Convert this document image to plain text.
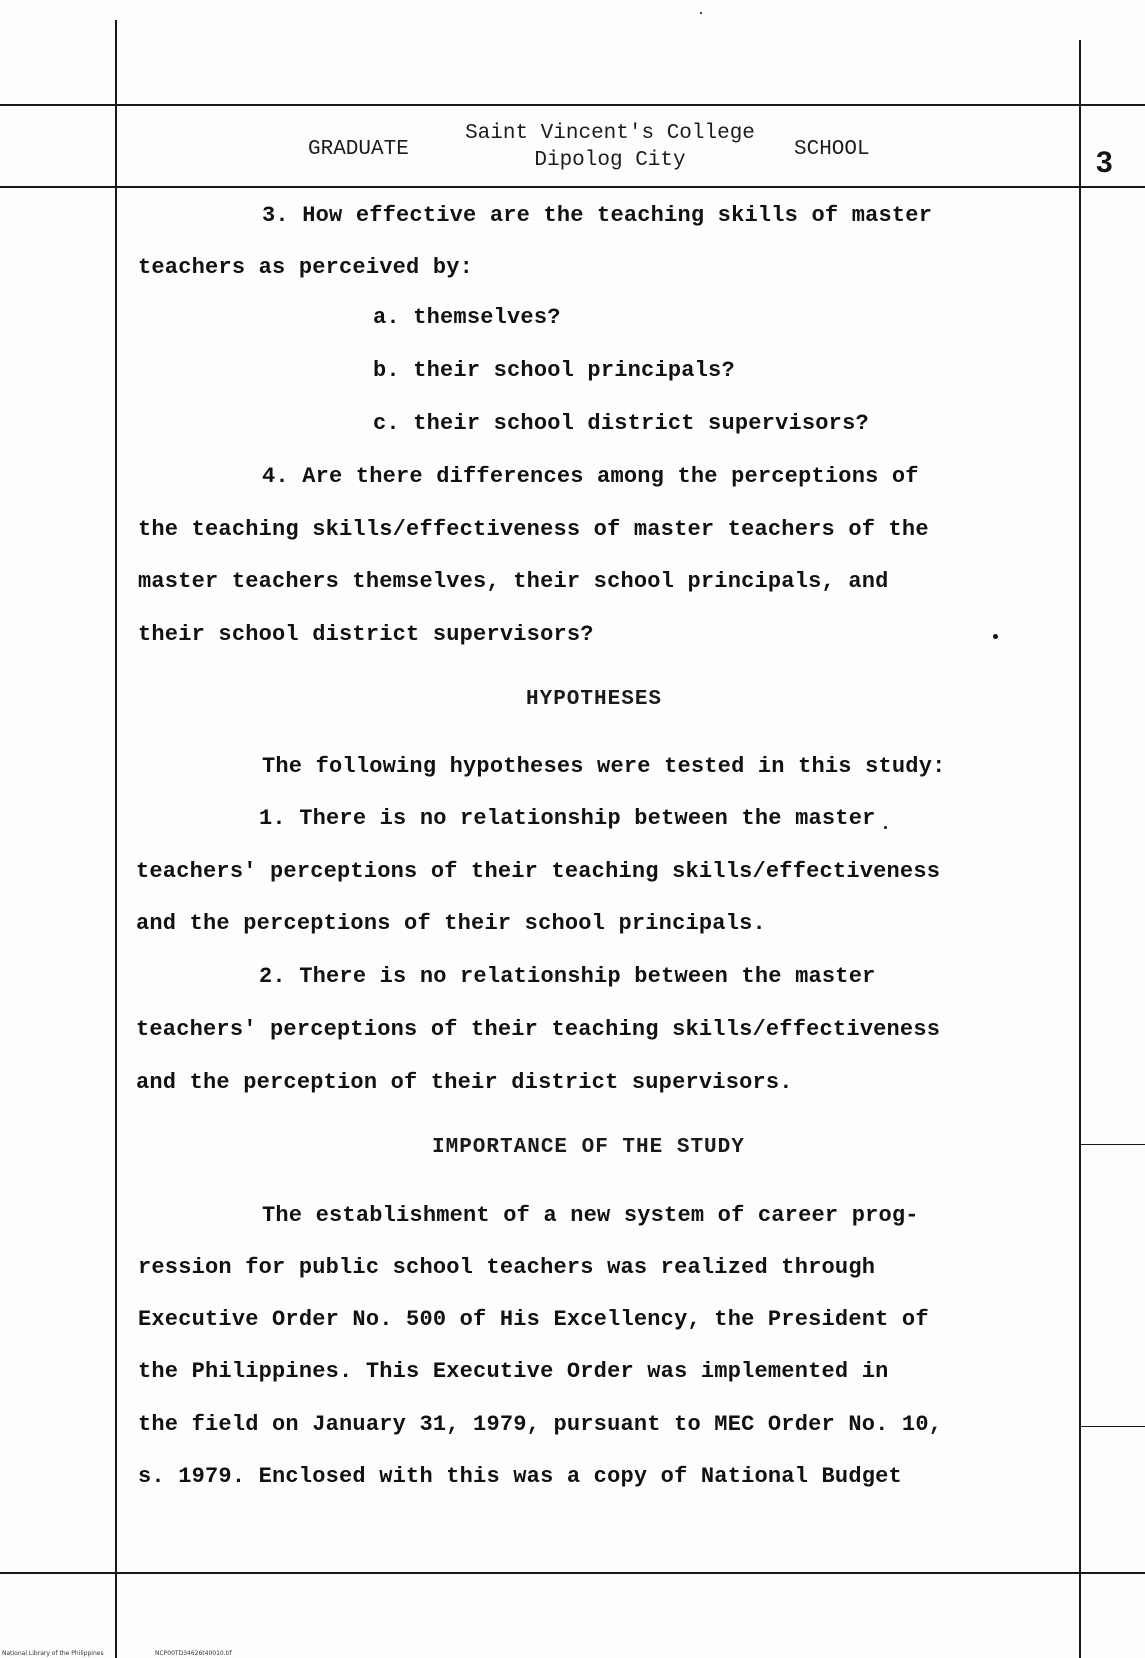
GRADUATE
Saint Vincent's College
Dipolog City	SCHOOL	3
3. How effective are the teaching skills of master
teachers as perceived by:
a. themselves?
b. their school principals?
c. their school district supervisors?
4. Are there differences among the perceptions of
the teaching skills/effectiveness of master teachers of the
master teachers themselves, their school principals, and
their school district supervisors?
HYPOTHESES
The following hypotheses were tested in this study:
1. There is no relationship between the master
teachers' perceptions of their teaching skills/effectiveness
and the perceptions of their school principals.
2. There is no relationship between the master
teachers' perceptions of their teaching skills/effectiveness
and the perception of their district supervisors.
IMPORTANCE OF THE STUDY
The establishment of a new system of career prog-
ression for public school teachers was realized through
Executive Order No. 500 of His Excellency, the President of
the Philippines. This Executive Order was implemented in
the field on January 31, 1979, pursuant to MEC Order No. 10,
s. 1979. Enclosed with this was a copy of National Budget
National Library of the Philippines	NCP00TD34626t40010.tif
